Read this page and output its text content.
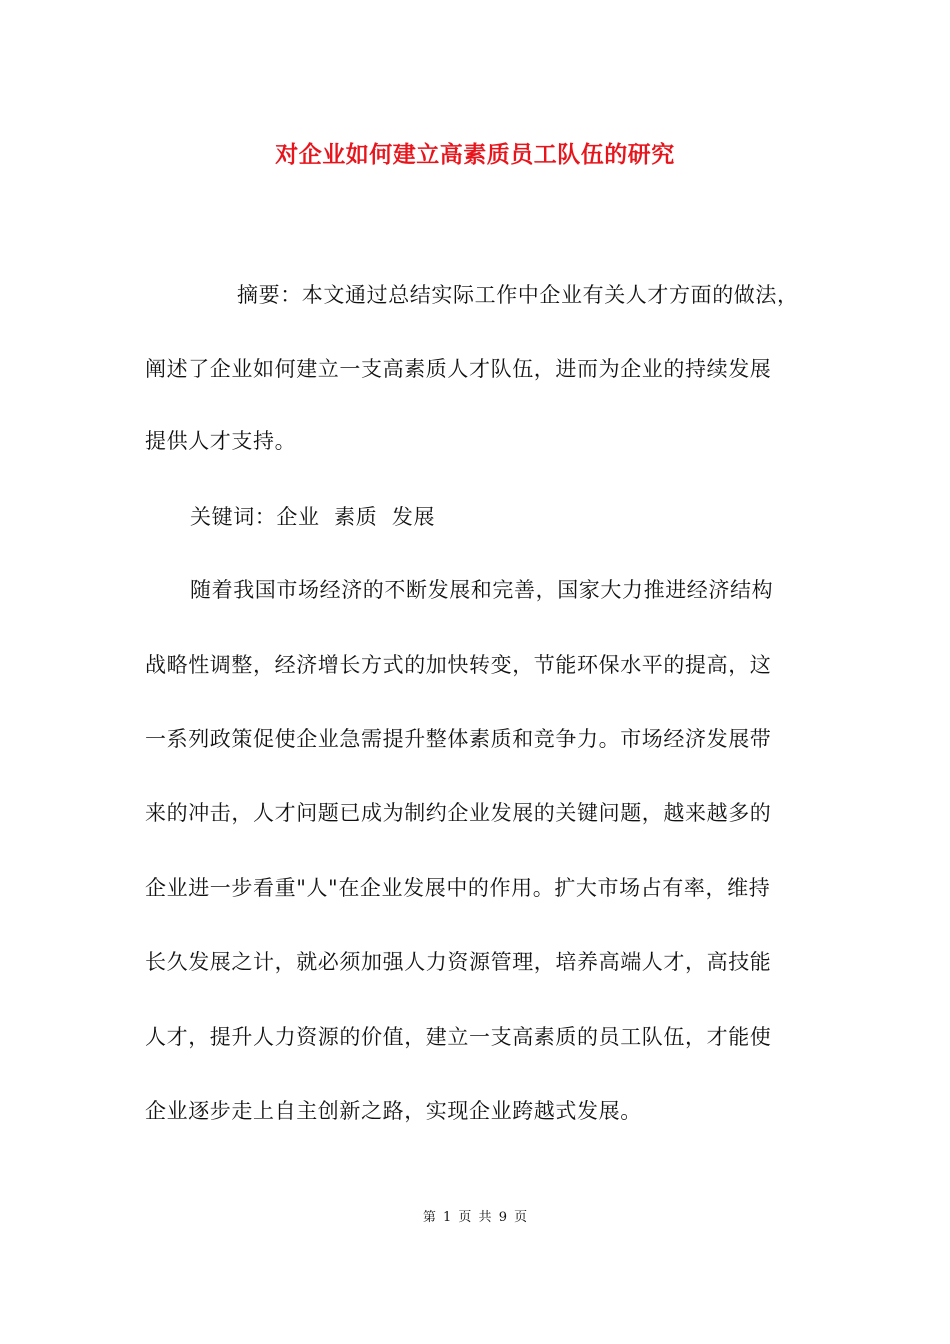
对企业如何建立高素质员工队伍的研究
摘要：本文通过总结实际工作中企业有关人才方面的做法，
阐述了企业如何建立一支高素质人才队伍，进而为企业的持续发展
提供人才支持。
关键词：企业  素质  发展
随着我国市场经济的不断发展和完善，国家大力推进经济结构
战略性调整，经济增长方式的加快转变，节能环保水平的提高，这
一系列政策促使企业急需提升整体素质和竞争力。市场经济发展带
来的冲击，人才问题已成为制约企业发展的关键问题，越来越多的
企业进一步看重"人"在企业发展中的作用。扩大市场占有率，维持
长久发展之计，就必须加强人力资源管理，培养高端人才，高技能
人才，提升人力资源的价值，建立一支高素质的员工队伍，才能使
企业逐步走上自主创新之路，实现企业跨越式发展。
第 1 页 共 9 页
